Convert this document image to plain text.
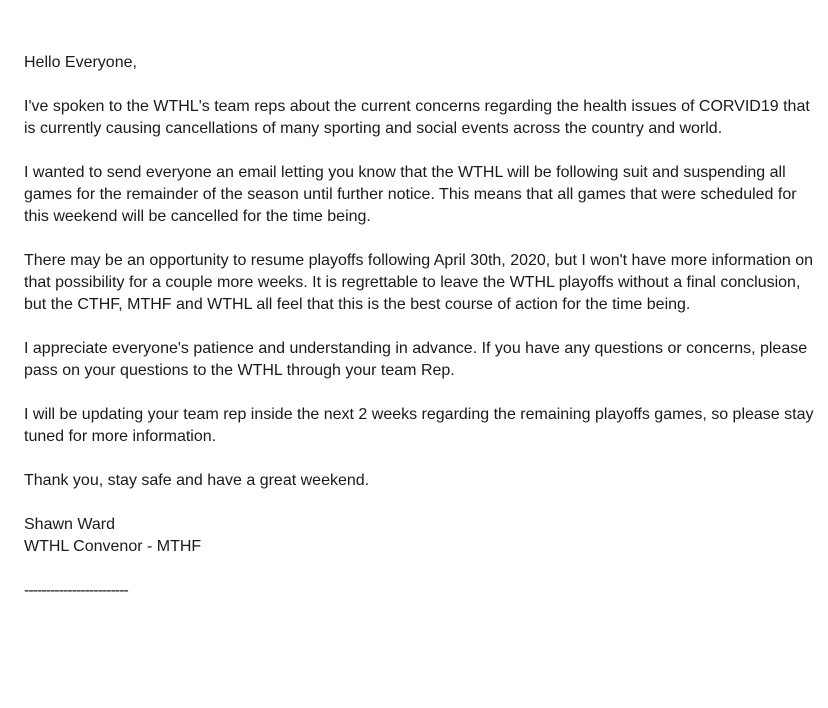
Hello Everyone,

I've spoken to the WTHL's team reps about the current concerns regarding the health issues of CORVID19 that is currently causing cancellations of many sporting and social events across the country and world.

I wanted to send everyone an email letting you know that the WTHL will be following suit and suspending all games for the remainder of the season until further notice. This means that all games that were scheduled for this weekend will be cancelled for the time being.

There may be an opportunity to resume playoffs following April 30th, 2020, but I won't have more information on that possibility for a couple more weeks. It is regrettable to leave the WTHL playoffs without a final conclusion, but the CTHF, MTHF and WTHL all feel that this is the best course of action for the time being.

I appreciate everyone's patience and understanding in advance. If you have any questions or concerns, please pass on your questions to the WTHL through your team Rep.

I will be updating your team rep inside the next 2 weeks regarding the remaining playoffs games, so please stay tuned for more information.

Thank you, stay safe and have a great weekend.

Shawn Ward

WTHL Convenor - MTHF

------------------------
